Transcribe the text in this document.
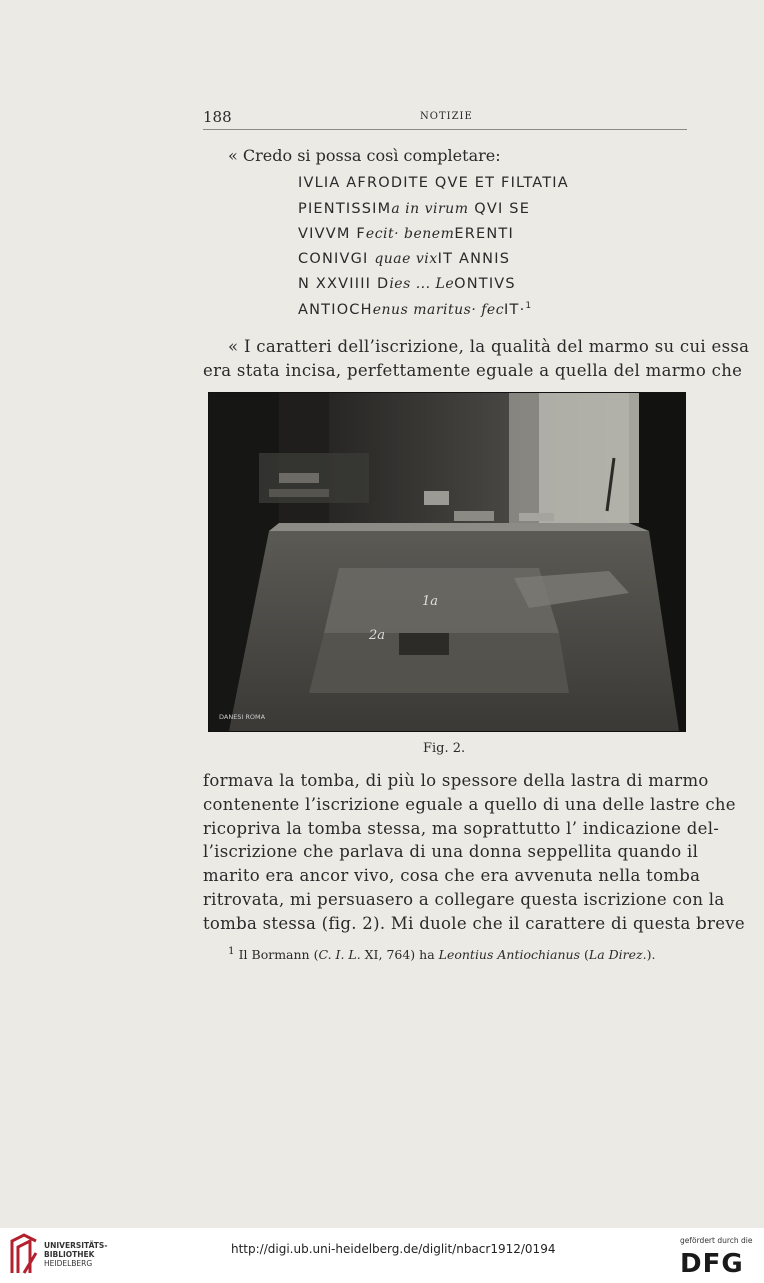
188	NOTIZIE
« Credo si possa così completare:
IVLIA AFRODITE QVE ET FILTATIA
PIENTISSIMa in virum QVI SE
VIVVM Fecit· benemERENTI
CONIVGI quae vixIT ANNIS
N XXVIIII Dies ... LeONTIVS
ANTIOCHenus maritus· fecIT·$^1$
« I caratteri dell’iscrizione, la qualità del marmo su cui essa
era stata incisa, perfettamente eguale a quella del marmo che
1a
2a
DANESI ROMA
Fig. 2.
formava la tomba, di più lo spessore della lastra di marmo
contenente l’iscrizione eguale a quello di una delle lastre che
ricopriva la tomba stessa, ma soprattutto l’ indicazione del-
l’iscrizione che parlava di una donna seppellita quando il
marito era ancor vivo, cosa che era avvenuta nella tomba
ritrovata, mi persuasero a collegare questa iscrizione con la
tomba stessa (fig. 2). Mi duole che il carattere di questa breve
$^1$ Il Bormann (C. I. L. XI, 764) ha Leontius Antiochianus (La Direz.).
UNIVERSITÄTS-
BIBLIOTHEK
HEIDELBERG
http://digi.ub.uni-heidelberg.de/diglit/nbacr1912/0194
gefördert durch die
DFG
